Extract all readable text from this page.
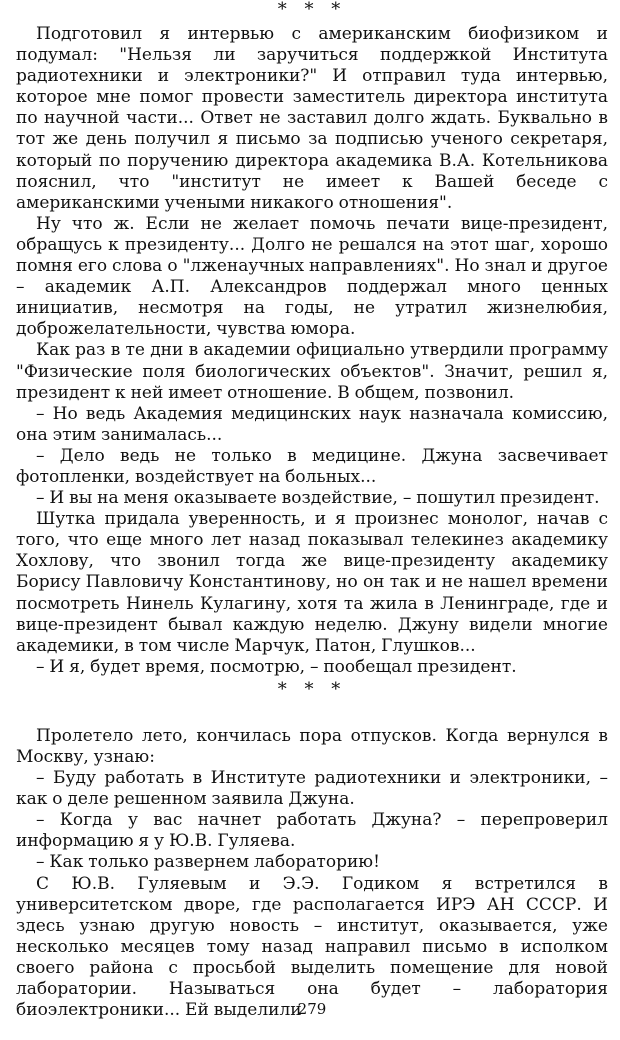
* * *

Подготовил я интервью с американским биофизиком и подумал: "Нельзя ли заручиться поддержкой Института радиотехники и электроники?" И отправил туда интервью, которое мне помог провести заместитель директора института по научной части... Ответ не заставил долго ждать. Буквально в тот же день получил я письмо за подписью ученого секретаря, который по поручению директора академика В.А. Котельникова пояснил, что "институт не имеет к Вашей беседе с американскими учеными никакого отношения".

Ну что ж. Если не желает помочь печати вице-президент, обращусь к президенту... Долго не решался на этот шаг, хорошо помня его слова о "лженаучных направлениях". Но знал и другое – академик А.П. Александров поддержал много ценных инициатив, несмотря на годы, не утратил жизнелюбия, доброжелательности, чувства юмора.

Как раз в те дни в академии официально утвердили программу "Физические поля биологических объектов". Значит, решил я, президент к ней имеет отношение. В общем, позвонил.

– Но ведь Академия медицинских наук назначала комиссию, она этим занималась...

– Дело ведь не только в медицине. Джуна засвечивает фотопленки, воздействует на больных...

– И вы на меня оказываете воздействие, – пошутил президент.

Шутка придала уверенность, и я произнес монолог, начав с того, что еще много лет назад показывал телекинез академику Хохлову, что звонил тогда же вице-президенту академику Борису Павловичу Константинову, но он так и не нашел времени посмотреть Нинель Кулагину, хотя та жила в Ленинграде, где и вице-президент бывал каждую неделю. Джуну видели многие академики, в том числе Марчук, Патон, Глушков...

– И я, будет время, посмотрю, – пообещал президент.

* * *

Пролетело лето, кончилась пора отпусков. Когда вернулся в Москву, узнаю:

– Буду работать в Институте радиотехники и электроники, – как о деле решенном заявила Джуна.

– Когда у вас начнет работать Джуна? – перепроверил информацию я у Ю.В. Гуляева.

– Как только развернем лабораторию!

С Ю.В. Гуляевым и Э.Э. Годиком я встретился в университетском дворе, где располагается ИРЭ АН СССР. И здесь узнаю другую новость – институт, оказывается, уже несколько месяцев тому назад направил письмо в исполком своего района с просьбой выделить помещение для новой лаборатории. Называться она будет – лаборатория биоэлектроники... Ей выделили

279
